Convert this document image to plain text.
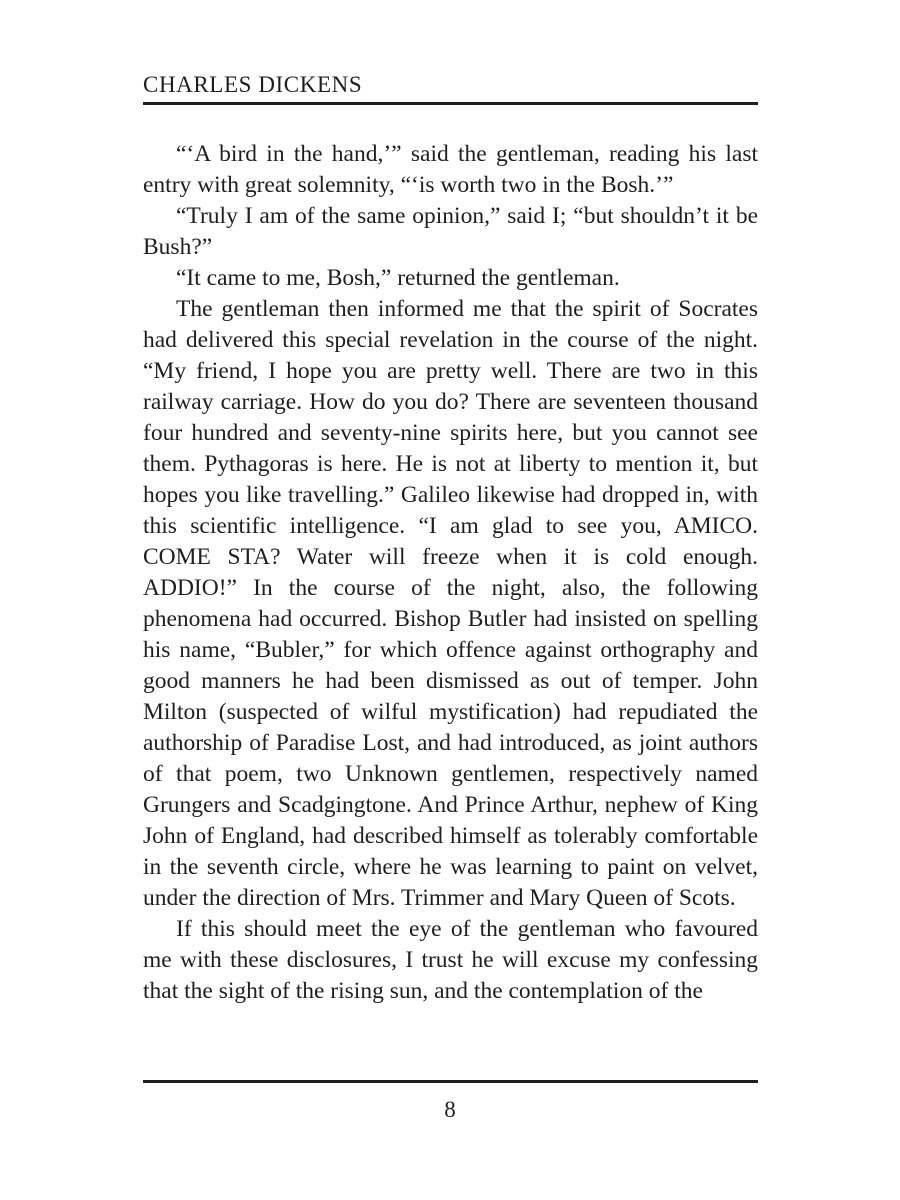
CHARLES DICKENS

“‘A bird in the hand,’” said the gentleman, reading his last entry with great solemnity, “‘is worth two in the Bosh.’”

“Truly I am of the same opinion,” said I; “but shouldn’t it be Bush?”

“It came to me, Bosh,” returned the gentleman.

The gentleman then informed me that the spirit of Socrates had delivered this special revelation in the course of the night. “My friend, I hope you are pretty well. There are two in this railway carriage. How do you do? There are seventeen thousand four hundred and seventy-nine spirits here, but you cannot see them. Pythagoras is here. He is not at liberty to mention it, but hopes you like travelling.” Galileo likewise had dropped in, with this scientific intelligence. “I am glad to see you, AMICO. COME STA? Water will freeze when it is cold enough. ADDIO!” In the course of the night, also, the following phenomena had occurred. Bishop Butler had insisted on spelling his name, “Bubler,” for which offence against orthography and good manners he had been dismissed as out of temper. John Milton (suspected of wilful mystification) had repudiated the authorship of Paradise Lost, and had introduced, as joint authors of that poem, two Unknown gentlemen, respectively named Grungers and Scadgingtone. And Prince Arthur, nephew of King John of England, had described himself as tolerably comfortable in the seventh circle, where he was learning to paint on velvet, under the direction of Mrs. Trimmer and Mary Queen of Scots.

If this should meet the eye of the gentleman who favoured me with these disclosures, I trust he will excuse my confessing that the sight of the rising sun, and the contemplation of the

8
